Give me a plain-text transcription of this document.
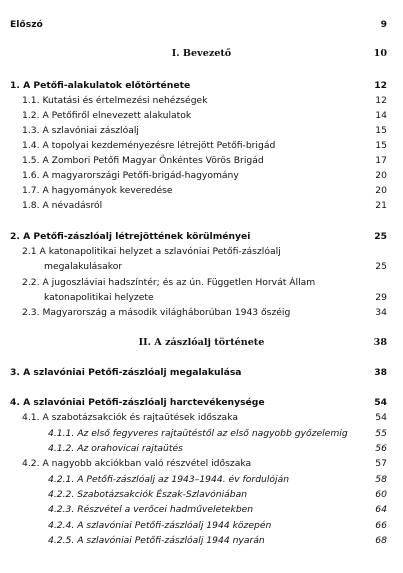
Előszó	9
I. Bevezető	10
1. A Petőfi-alakulatok előtörténete	12
1.1. Kutatási és értelmezési nehézségek	12
1.2. A Petőfiről elnevezett alakulatok	14
1.3. A szlavóniai zászlóalj	15
1.4. A topolyai kezdeményezésre létrejött Petőfi-brigád	15
1.5. A Zombori Petőfi Magyar Önkéntes Vörös Brigád	17
1.6. A magyarországi Petőfi-brigád-hagyomány	20
1.7. A hagyományok keveredése	20
1.8. A névadásról	21
2. A Petőfi-zászlóalj létrejöttének körülményei	25
2.1 A katonapolitikai helyzet a szlavóniai Petőfi-zászlóalj
megalakulásakor	25
2.2. A jugoszláviai hadszíntér; és az ún. Független Horvát Állam
katonapolitikai helyzete	29
2.3. Magyarország a második világháborúban 1943 őszéig	34
II. A zászlóalj története	38
3. A szlavóniai Petőfi-zászlóalj megalakulása	38
4. A szlavóniai Petőfi-zászlóalj harctevékenysége	54
4.1. A szabotázsakciók és rajtaütések időszaka	54
4.1.1. Az első fegyveres rajtaütéstől az első nagyobb győzelemig	55
4.1.2. Az orahovicai rajtaütés	56
4.2. A nagyobb akciókban való részvétel időszaka	57
4.2.1. A Petőfi-zászlóalj az 1943–1944. év fordulóján	58
4.2.2. Szabotázsakciók Észak-Szlavóniában	60
4.2.3. Részvétel a verőcei hadműveletekben	64
4.2.4. A szlavóniai Petőfi-zászlóalj 1944 közepén	66
4.2.5. A szlavóniai Petőfi-zászlóalj 1944 nyarán	68
